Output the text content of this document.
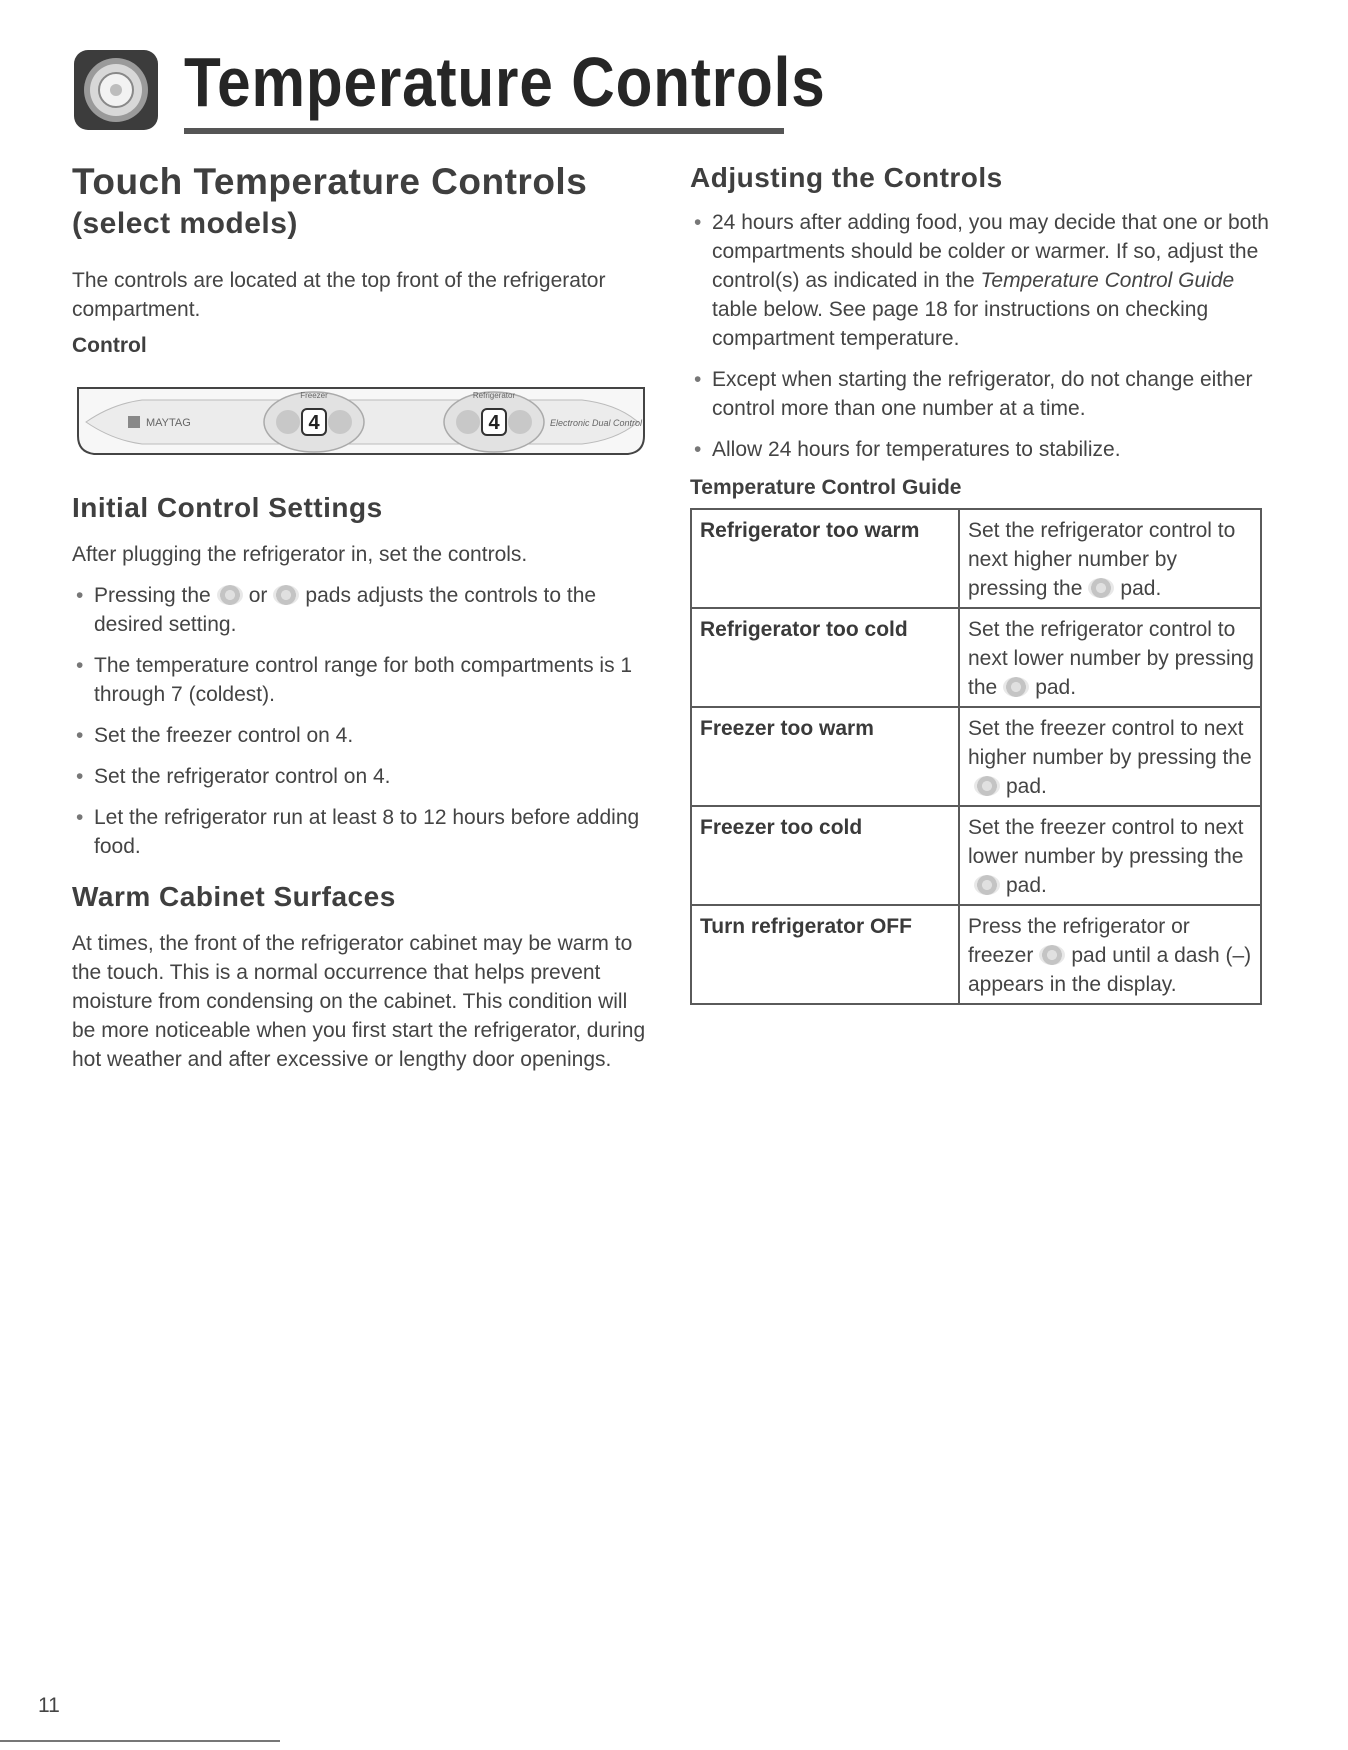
Temperature Controls
Touch Temperature Controls
(select models)

The controls are located at the top front of the refrigerator compartment.

Control

MAYTAG
Freezer	Refrigerator
4	4	Electronic Dual Control
Initial Control Settings

After plugging the refrigerator in, set the controls.

• Pressing the or pads adjusts the controls to the desired setting.
• The temperature control range for both compartments is 1 through 7 (coldest).
• Set the freezer control on 4.
• Set the refrigerator control on 4.
• Let the refrigerator run at least 8 to 12 hours before adding food.
Warm Cabinet Surfaces

At times, the front of the refrigerator cabinet may be warm to the touch. This is a normal occurrence that helps prevent moisture from condensing on the cabinet. This condition will be more noticeable when you first start the refrigerator, during hot weather and after excessive or lengthy door openings.

Adjusting the Controls
• 24 hours after adding food, you may decide that one or both compartments should be colder or warmer. If so, adjust the control(s) as indicated in the Temperature Control Guide table below. See page 18 for instructions on checking compartment temperature.
• Except when starting the refrigerator, do not change either control more than one number at a time.
• Allow 24 hours for temperatures to stabilize.

Temperature Control Guide

Refrigerator too warm	Set the refrigerator control to next higher number by pressing the pad.
Refrigerator too cold	Set the refrigerator control to next lower number by pressing the pad.
Freezer too warm	Set the freezer control to next higher number by pressing thepad.
Freezer too cold	Set the freezer control to next lower number by pressing thepad.
Turn refrigerator OFF	Press the refrigerator or freezer pad until a dash (–) appears in the display.
11
